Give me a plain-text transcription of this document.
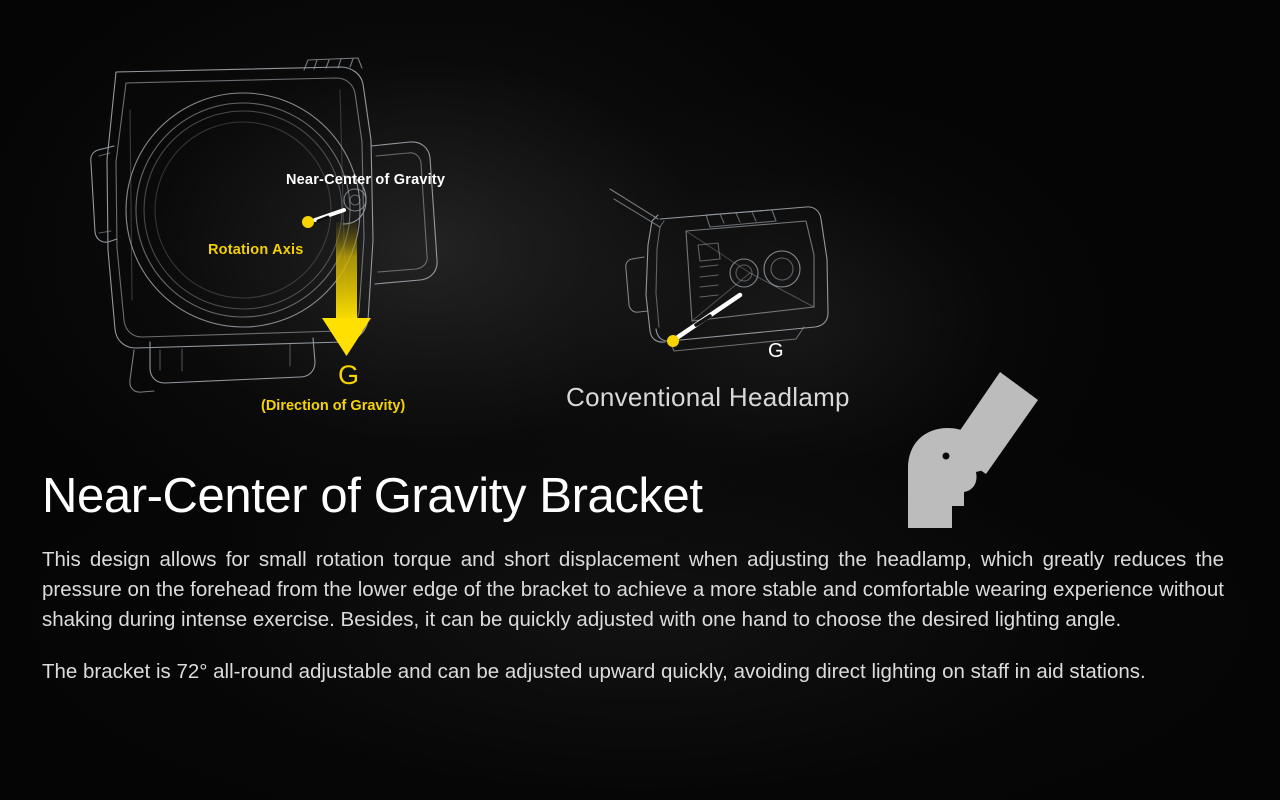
Near-Center of Gravity
Rotation Axis
G
(Direction of Gravity)
G
Conventional Headlamp
Near-Center of Gravity Bracket

This design allows for small rotation torque and short displacement when adjusting the headlamp, which greatly reduces the pressure on the forehead from the lower edge of the bracket to achieve a more stable and comfortable wearing experience without shaking during intense exercise. Besides, it can be quickly adjusted with one hand to choose the desired lighting angle.

The bracket is 72° all-round adjustable and can be adjusted upward quickly, avoiding direct lighting on staff in aid stations.
